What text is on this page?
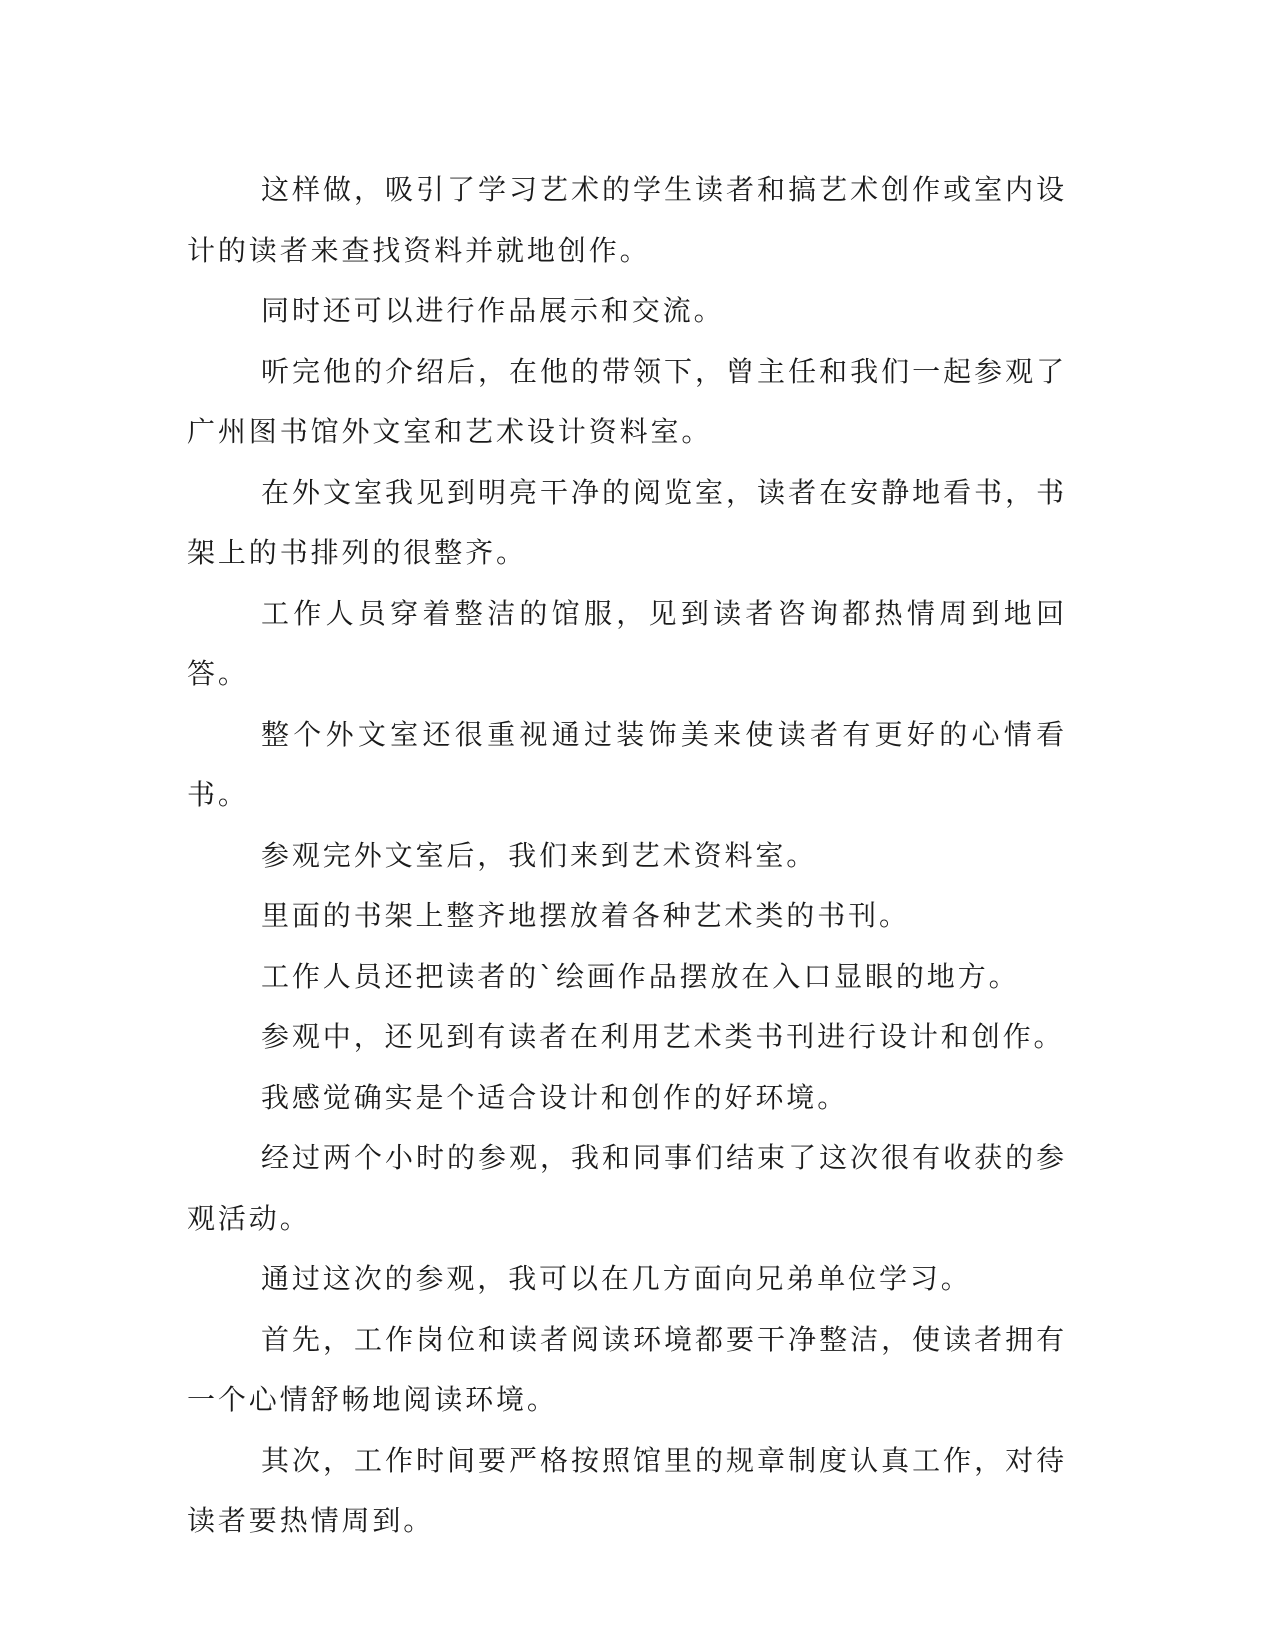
这样做，吸引了学习艺术的学生读者和搞艺术创作或室内设计的读者来查找资料并就地创作。

同时还可以进行作品展示和交流。

听完他的介绍后，在他的带领下，曾主任和我们一起参观了广州图书馆外文室和艺术设计资料室。

在外文室我见到明亮干净的阅览室，读者在安静地看书，书架上的书排列的很整齐。

工作人员穿着整洁的馆服，见到读者咨询都热情周到地回答。

整个外文室还很重视通过装饰美来使读者有更好的心情看书。

参观完外文室后，我们来到艺术资料室。

里面的书架上整齐地摆放着各种艺术类的书刊。

工作人员还把读者的`绘画作品摆放在入口显眼的地方。

参观中，还见到有读者在利用艺术类书刊进行设计和创作。

我感觉确实是个适合设计和创作的好环境。

经过两个小时的参观，我和同事们结束了这次很有收获的参观活动。

通过这次的参观，我可以在几方面向兄弟单位学习。

首先，工作岗位和读者阅读环境都要干净整洁，使读者拥有一个心情舒畅地阅读环境。

其次，工作时间要严格按照馆里的规章制度认真工作，对待读者要热情周到。
